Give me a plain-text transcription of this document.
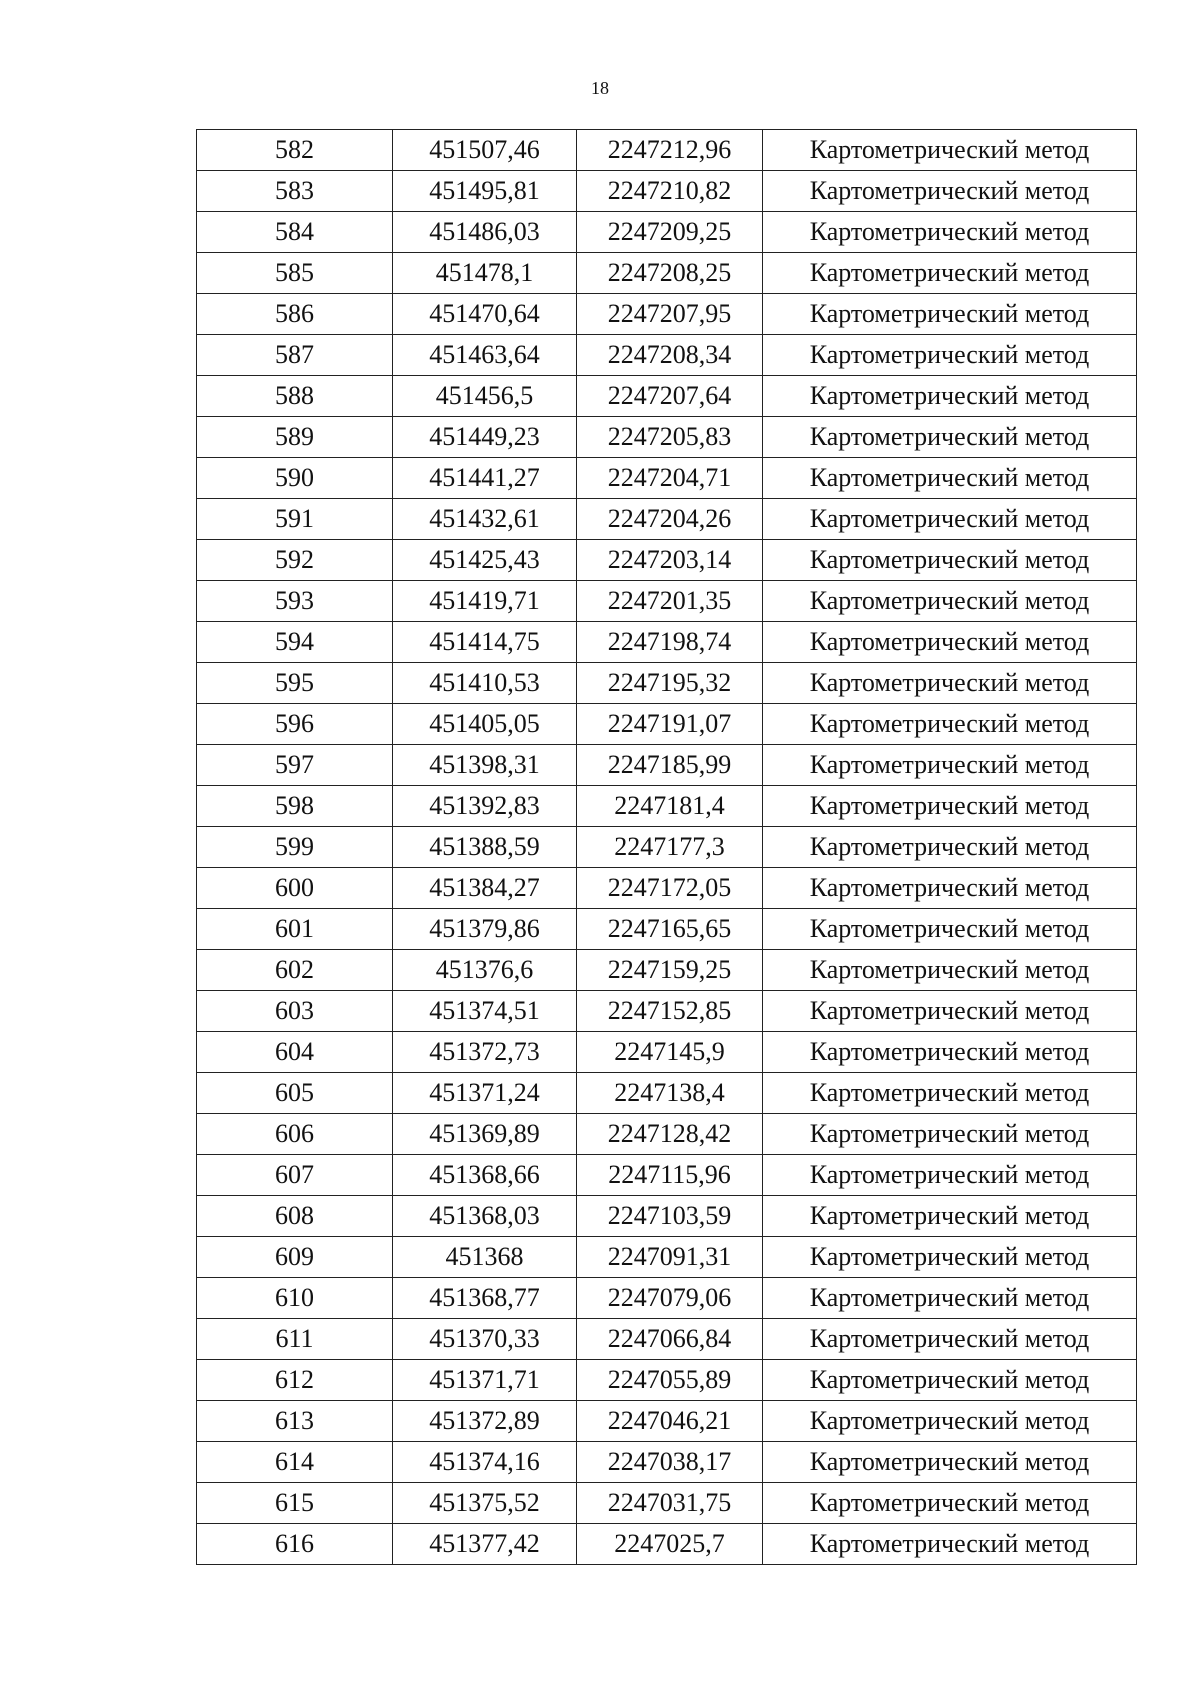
18
582	451507,46	2247212,96	Картометрический метод
583	451495,81	2247210,82	Картометрический метод
584	451486,03	2247209,25	Картометрический метод
585	451478,1	2247208,25	Картометрический метод
586	451470,64	2247207,95	Картометрический метод
587	451463,64	2247208,34	Картометрический метод
588	451456,5	2247207,64	Картометрический метод
589	451449,23	2247205,83	Картометрический метод
590	451441,27	2247204,71	Картометрический метод
591	451432,61	2247204,26	Картометрический метод
592	451425,43	2247203,14	Картометрический метод
593	451419,71	2247201,35	Картометрический метод
594	451414,75	2247198,74	Картометрический метод
595	451410,53	2247195,32	Картометрический метод
596	451405,05	2247191,07	Картометрический метод
597	451398,31	2247185,99	Картометрический метод
598	451392,83	2247181,4	Картометрический метод
599	451388,59	2247177,3	Картометрический метод
600	451384,27	2247172,05	Картометрический метод
601	451379,86	2247165,65	Картометрический метод
602	451376,6	2247159,25	Картометрический метод
603	451374,51	2247152,85	Картометрический метод
604	451372,73	2247145,9	Картометрический метод
605	451371,24	2247138,4	Картометрический метод
606	451369,89	2247128,42	Картометрический метод
607	451368,66	2247115,96	Картометрический метод
608	451368,03	2247103,59	Картометрический метод
609	451368	2247091,31	Картометрический метод
610	451368,77	2247079,06	Картометрический метод
611	451370,33	2247066,84	Картометрический метод
612	451371,71	2247055,89	Картометрический метод
613	451372,89	2247046,21	Картометрический метод
614	451374,16	2247038,17	Картометрический метод
615	451375,52	2247031,75	Картометрический метод
616	451377,42	2247025,7	Картометрический метод
